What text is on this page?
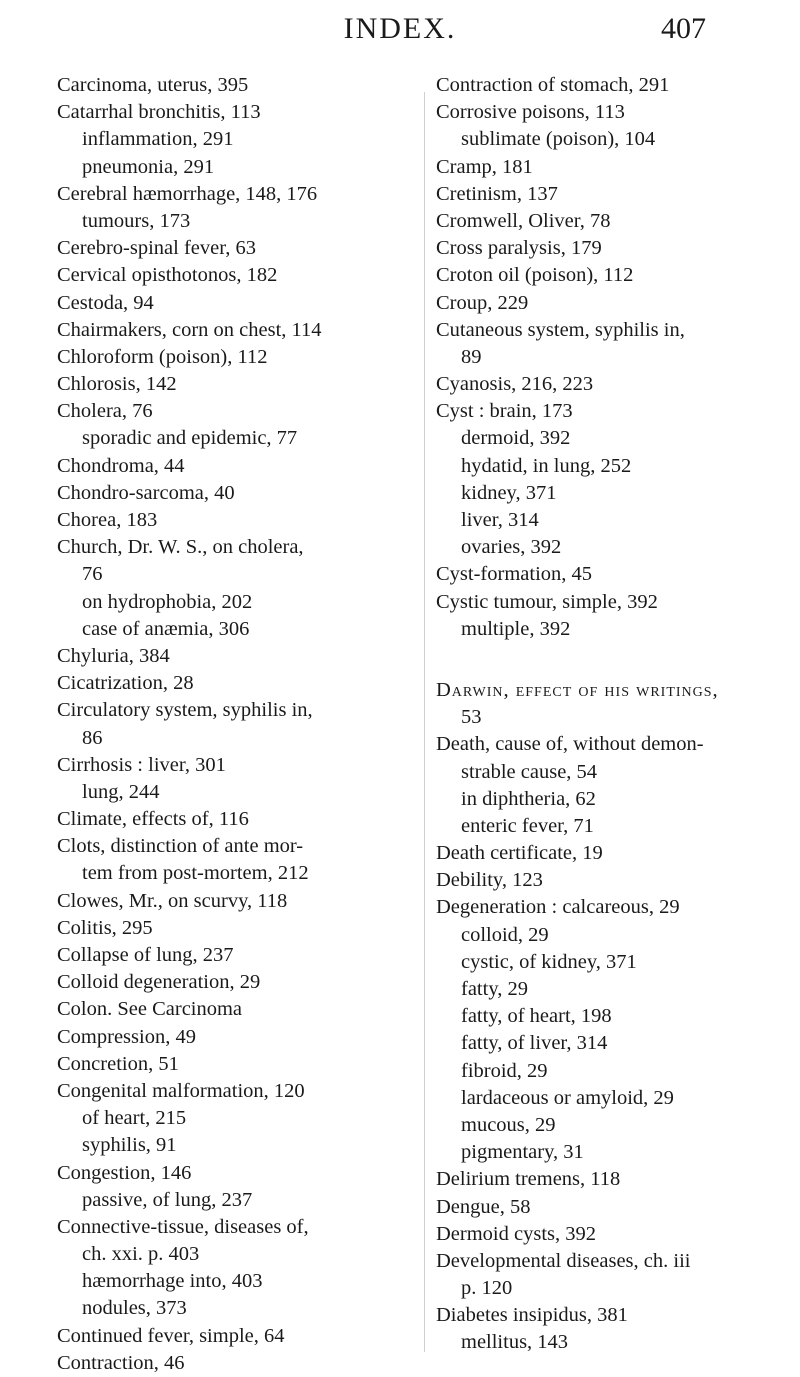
INDEX.	407
Carcinoma, uterus, 395
Catarrhal bronchitis, 113
inflammation, 291
pneumonia, 291
Cerebral hæmorrhage, 148, 176
tumours, 173
Cerebro-spinal fever, 63
Cervical opisthotonos, 182
Cestoda, 94
Chairmakers, corn on chest, 114
Chloroform (poison), 112
Chlorosis, 142
Cholera, 76
sporadic and epidemic, 77
Chondroma, 44
Chondro-sarcoma, 40
Chorea, 183
Church, Dr. W. S., on cholera,
76
on hydrophobia, 202
case of anæmia, 306
Chyluria, 384
Cicatrization, 28
Circulatory system, syphilis in,
86
Cirrhosis : liver, 301
lung, 244
Climate, effects of, 116
Clots, distinction of ante mor-
tem from post-mortem, 212
Clowes, Mr., on scurvy, 118
Colitis, 295
Collapse of lung, 237
Colloid degeneration, 29
Colon. See Carcinoma
Compression, 49
Concretion, 51
Congenital malformation, 120
of heart, 215
syphilis, 91
Congestion, 146
passive, of lung, 237
Connective-tissue, diseases of,
ch. xxi. p. 403
hæmorrhage into, 403
nodules, 373
Continued fever, simple, 64
Contraction, 46
Contraction of stomach, 291
Corrosive poisons, 113
sublimate (poison), 104
Cramp, 181
Cretinism, 137
Cromwell, Oliver, 78
Cross paralysis, 179
Croton oil (poison), 112
Croup, 229
Cutaneous system, syphilis in,
89
Cyanosis, 216, 223
Cyst : brain, 173
dermoid, 392
hydatid, in lung, 252
kidney, 371
liver, 314
ovaries, 392
Cyst-formation, 45
Cystic tumour, simple, 392
multiple, 392
Darwin, effect of his writings,
53
Death, cause of, without demon-
strable cause, 54
in diphtheria, 62
enteric fever, 71
Death certificate, 19
Debility, 123
Degeneration : calcareous, 29
colloid, 29
cystic, of kidney, 371
fatty, 29
fatty, of heart, 198
fatty, of liver, 314
fibroid, 29
lardaceous or amyloid, 29
mucous, 29
pigmentary, 31
Delirium tremens, 118
Dengue, 58
Dermoid cysts, 392
Developmental diseases, ch. iii
p. 120
Diabetes insipidus, 381
mellitus, 143
